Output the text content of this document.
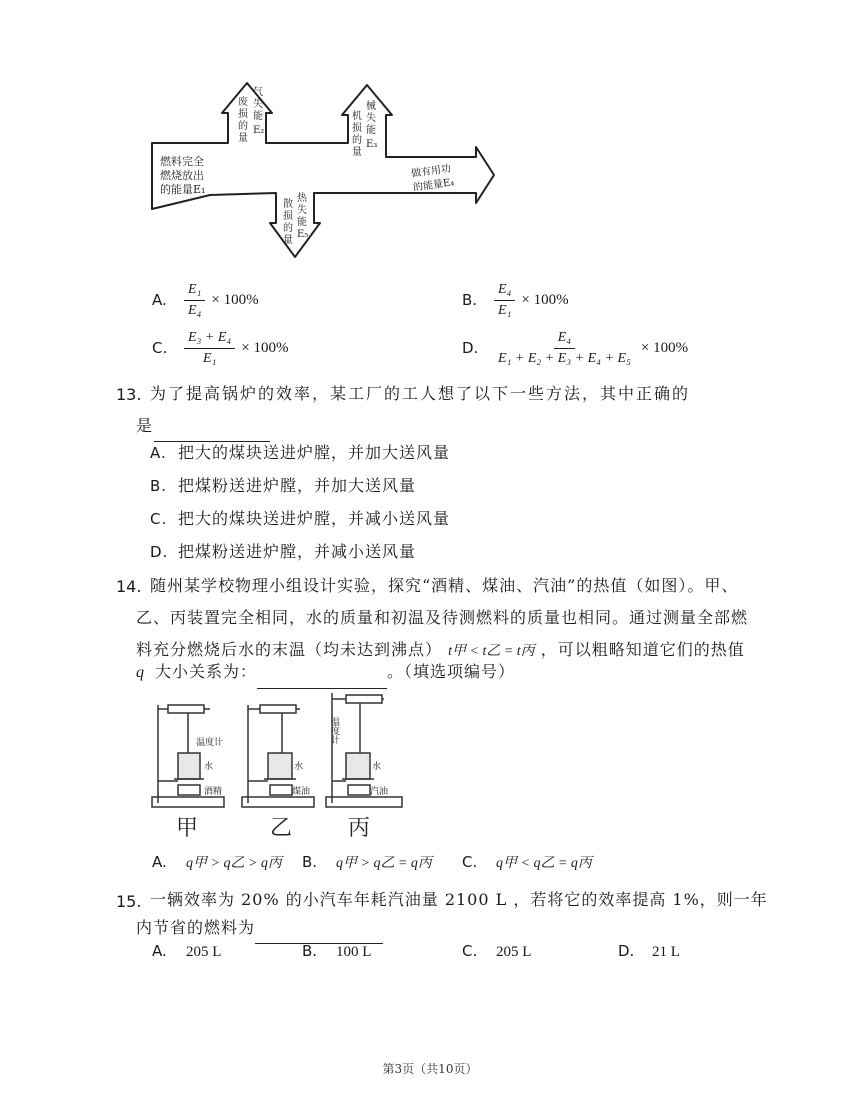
燃料完全
燃烧放出
的能量E₁
废
气
损
失
的
能
量
E₂
机
械
损
失
的
能
量
E₃
散
热
损
失
的
能
量
E₅
做有用功
的能量E₄
A.	$\frac{\text{E₁}}{\text{E₄}} \times 100\%$	B.	$\frac{\text{E₄}}{\text{E₁}} \times 100\%$
C.	$\frac{\text{E₃ + E₄}}{\text{E₁}} \times 100\%$	D.	$\frac{\text{E₄}}{\text{E₁ + E₂ + E₃ + E₄ + E₅}} \times 100\%$
13. 为了提高锅炉的效率，某工厂的工人想了以下一些方法，其中正确的
是
A. 把大的煤块送进炉膛，并加大送风量
B. 把煤粉送进炉膛，并加大送风量
C. 把大的煤块送进炉膛，并减小送风量
D. 把煤粉送进炉膛，并减小送风量
14. 随州某学校物理小组设计实验，探究“酒精、煤油、汽油”的热值（如图）。甲、
乙、丙装置完全相同，水的质量和初温及待测燃料的质量也相同。通过测量全部燃
料充分燃烧后水的末温（均未达到沸点） t甲 < t乙 = t丙 ，可以粗略知道它们的热值
q 大小关系为：	。（填选项编号）
温度计
水
酒精
甲
水
煤油
乙
温度计
水
汽油
丙
A. q甲 > q乙 > q丙 B. q甲 > q乙 = q丙 C. q甲 < q乙 = q丙
15. 一辆效率为 20% 的小汽车年耗汽油量 2100 L ，若将它的效率提高 1%，则一年
内节省的燃料为
A. 205 L	B. 100 L	C. 205 L	D. 21 L
第3页（共10页）
